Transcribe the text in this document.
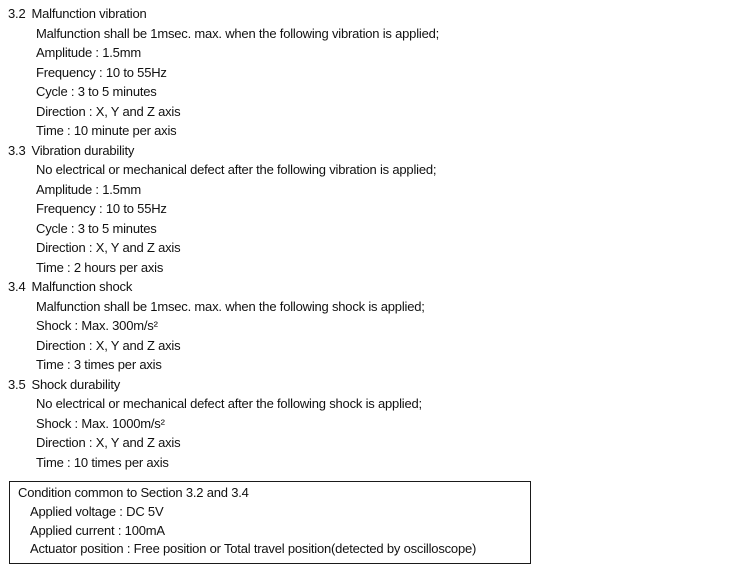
3.2 Malfunction vibration
Malfunction shall be 1msec. max. when the following vibration is applied;
Amplitude : 1.5mm
Frequency : 10 to 55Hz
Cycle : 3 to 5 minutes
Direction : X, Y and Z axis
Time : 10 minute per axis
3.3 Vibration durability
No electrical or mechanical defect after the following vibration is applied;
Amplitude : 1.5mm
Frequency : 10 to 55Hz
Cycle : 3 to 5 minutes
Direction : X, Y and Z axis
Time : 2 hours per axis
3.4 Malfunction shock
Malfunction shall be 1msec. max. when the following shock is applied;
Shock : Max. 300m/s²
Direction : X, Y and Z axis
Time : 3 times per axis
3.5 Shock durability
No electrical or mechanical defect after the following shock is applied;
Shock : Max. 1000m/s²
Direction : X, Y and Z axis
Time : 10 times per axis
Condition common to Section 3.2 and 3.4
Applied voltage : DC 5V
Applied current : 100mA
Actuator position : Free position or Total travel position(detected by oscilloscope)
